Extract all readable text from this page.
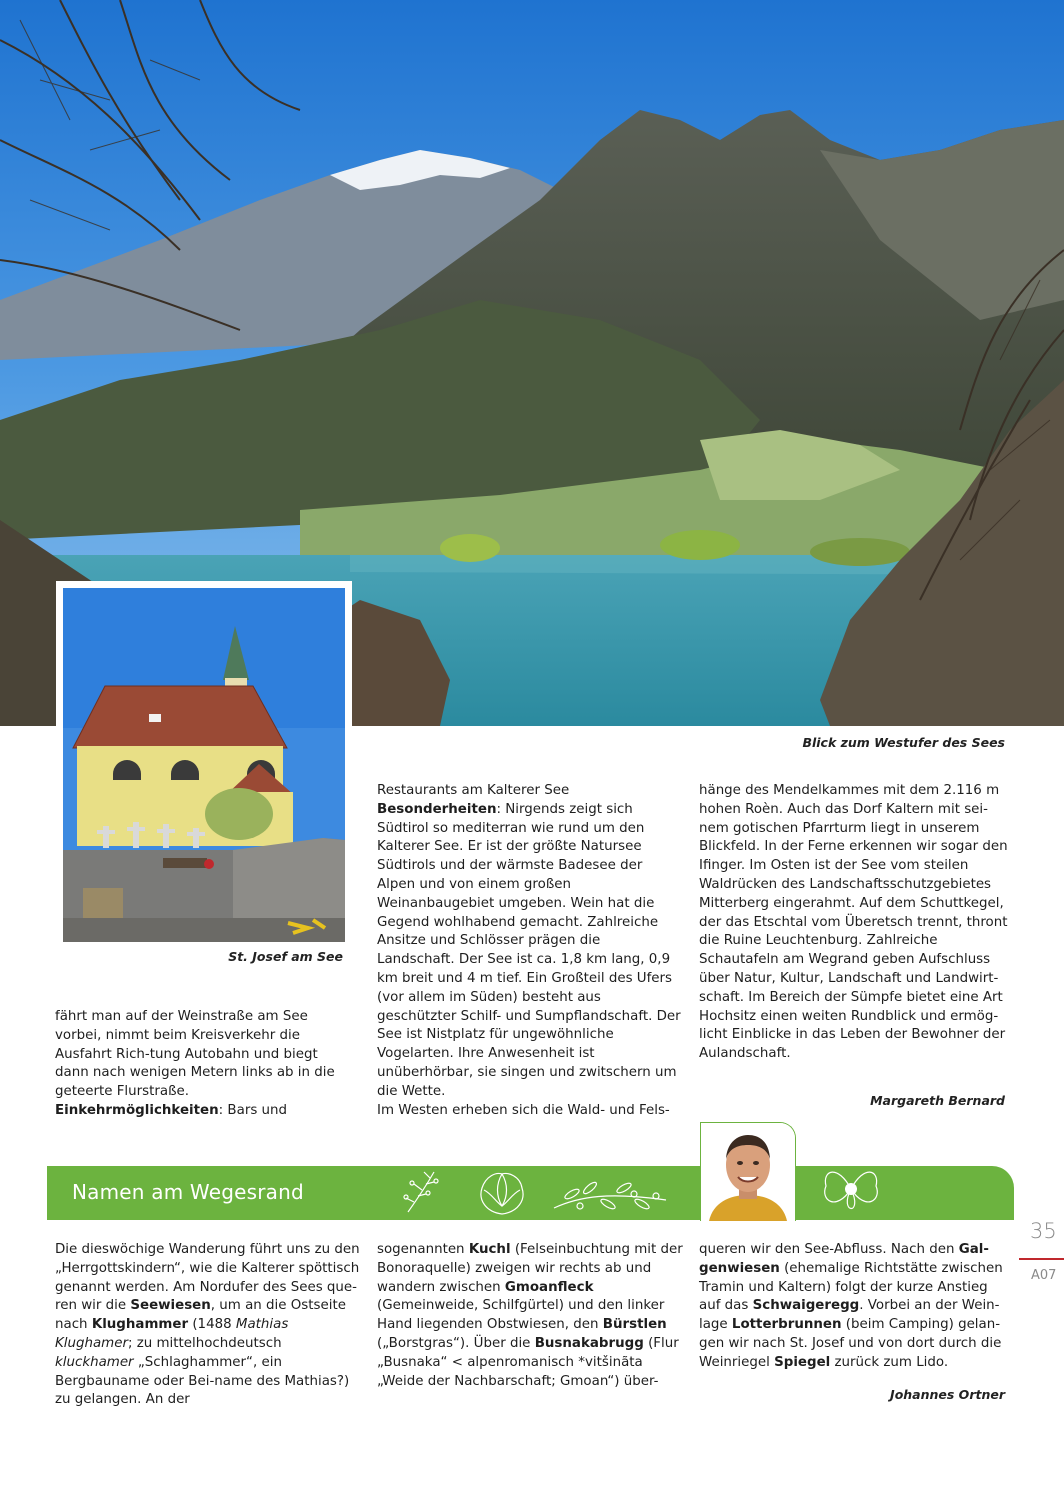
Blick zum Westufer des Sees
St. Josef am See

fährt man auf der Weinstraße am See vorbei, nimmt beim Kreisverkehr die Ausfahrt Rich-tung Autobahn und biegt dann nach wenigen Metern links ab in die geteerte Flurstraße.

Einkehrmöglichkeiten: Bars und

Restaurants am Kalterer See

Besonderheiten: Nirgends zeigt sich Südtirol so mediterran wie rund um den Kalterer See. Er ist der größte Natursee Südtirols und der wärmste Badesee der Alpen und von einem großen Weinanbaugebiet umgeben. Wein hat die Gegend wohlhabend gemacht. Zahlreiche Ansitze und Schlösser prägen die Landschaft. Der See ist ca. 1,8 km lang, 0,9 km breit und 4 m tief. Ein Großteil des Ufers (vor allem im Süden) besteht aus geschützter Schilf- und Sumpflandschaft. Der See ist Nistplatz für ungewöhnliche Vogelarten. Ihre Anwesenheit ist unüberhörbar, sie singen und zwitschern um die Wette.

Im Westen erheben sich die Wald- und Fels-

hänge des Mendelkammes mit dem 2.116 m hohen Roèn. Auch das Dorf Kaltern mit sei-nem gotischen Pfarrturm liegt in unserem Blickfeld. In der Ferne erkennen wir sogar den Ifinger. Im Osten ist der See vom steilen Waldrücken des Landschaftsschutzgebietes Mitterberg eingerahmt. Auf dem Schuttkegel, der das Etschtal vom Überetsch trennt, thront die Ruine Leuchtenburg. Zahlreiche Schautafeln am Wegrand geben Aufschluss über Natur, Kultur, Landschaft und Landwirt-schaft. Im Bereich der Sümpfe bietet eine Art Hochsitz einen weiten Rundblick und ermög-licht Einblicke in das Leben der Bewohner der Aulandschaft.

Margareth Bernard
Namen am Wegesrand

Die dieswöchige Wanderung führt uns zu den „Herrgottskindern“, wie die Kalterer spöttisch genannt werden. Am Nordufer des Sees que-ren wir die Seewiesen, um an die Ostseite nach Klughammer (1488 Mathias Klughamer; zu mittelhochdeutsch kluckhamer „Schlaghammer“, ein Bergbauname oder Bei-name des Mathias?) zu gelangen. An der

sogenannten Kuchl (Felseinbuchtung mit der Bonoraquelle) zweigen wir rechts ab und wandern zwischen Gmoanfleck (Gemeinweide, Schilfgürtel) und den linker Hand liegenden Obstwiesen, den Bürstlen („Borstgras“). Über die Busnakabrugg (Flur „Busnaka“ < alpenromanisch *vitšinãta „Weide der Nachbarschaft; Gmoan“) über-

queren wir den See-Abfluss. Nach den Gal-genwiesen (ehemalige Richtstätte zwischen Tramin und Kaltern) folgt der kurze Anstieg auf das Schwaigeregg. Vorbei an der Wein-lage Lotterbrunnen (beim Camping) gelan-gen wir nach St. Josef und von dort durch die Weinriegel Spiegel zurück zum Lido.

Johannes Ortner
35
A07
